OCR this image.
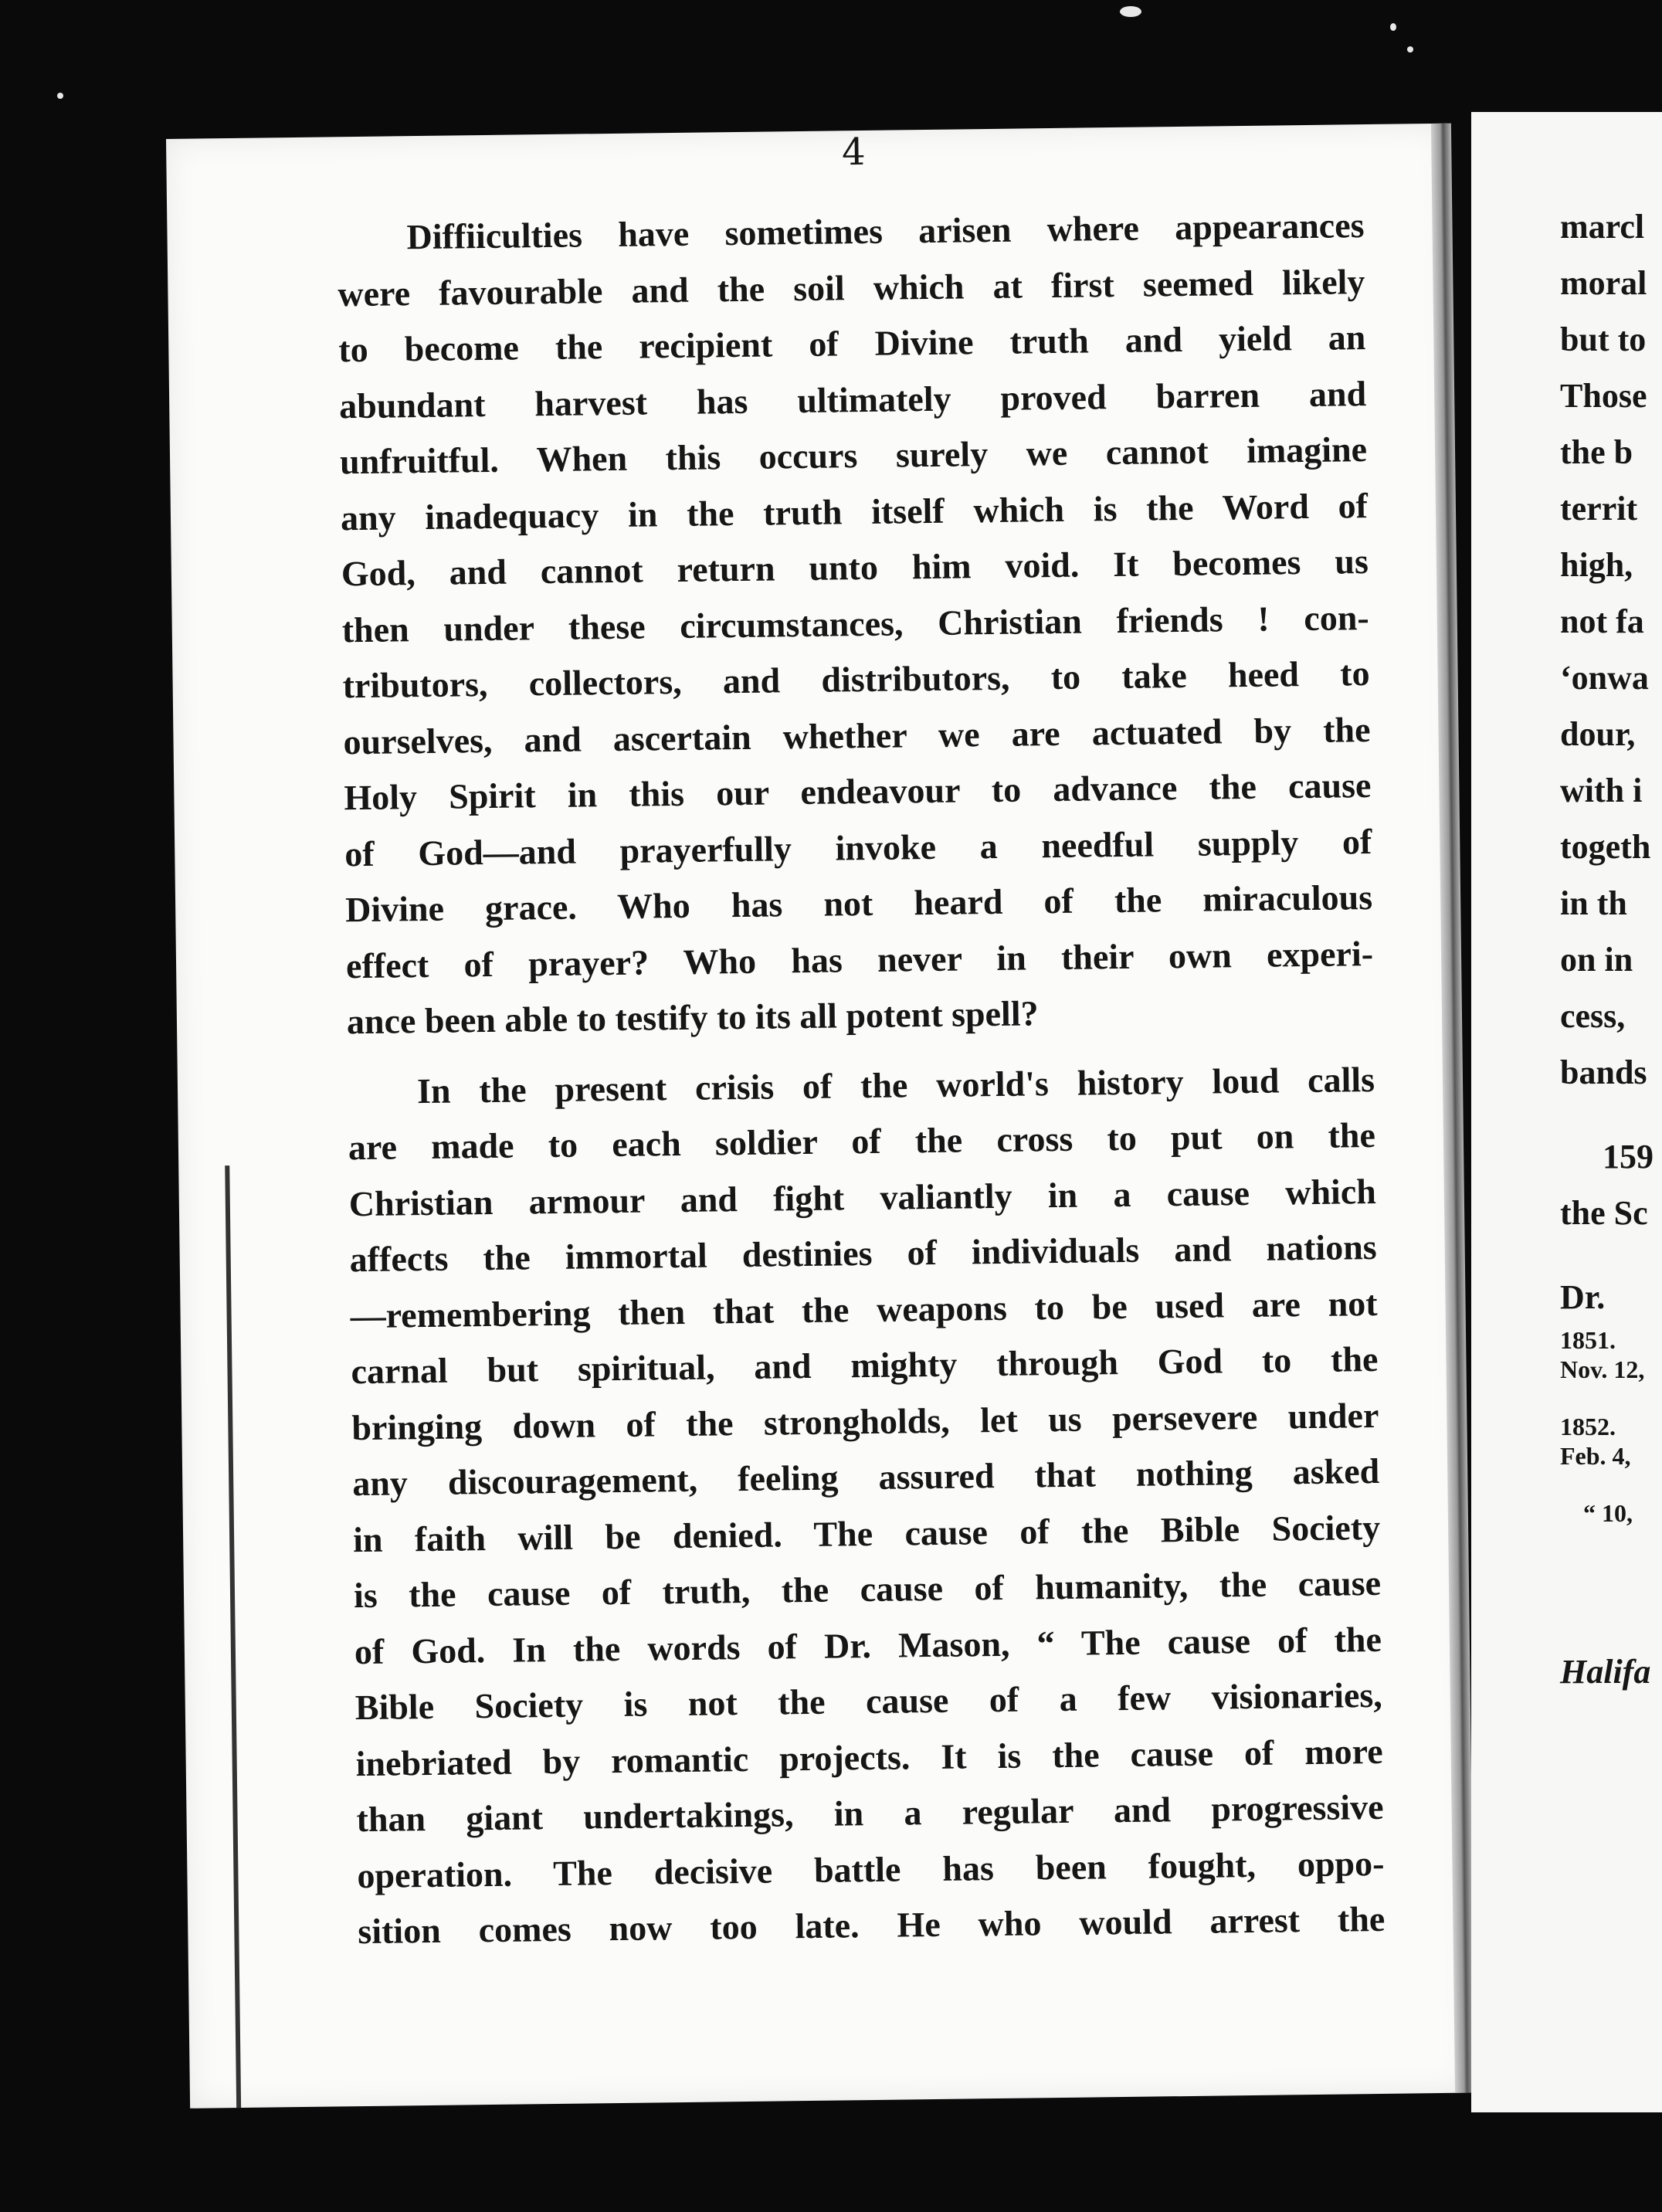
4
Diffiiculties have sometimes arisen where appearances
were favourable and the soil which at first seemed likely
to become the recipient of Divine truth and yield an
abundant harvest has ultimately proved barren and
unfruitful. When this occurs surely we cannot imagine
any inadequacy in the truth itself which is the Word of
God, and cannot return unto him void. It becomes us
then under these circumstances, Christian friends ! con-
tributors, collectors, and distributors, to take heed to
ourselves, and ascertain whether we are actuated by the
Holy Spirit in this our endeavour to advance the cause
of God—and prayerfully invoke a needful supply of
Divine grace. Who has not heard of the miraculous
effect of prayer? Who has never in their own experi-
ance been able to testify to its all potent spell?
In the present crisis of the world's history loud calls
are made to each soldier of the cross to put on the
Christian armour and fight valiantly in a cause which
affects the immortal destinies of individuals and nations
—remembering then that the weapons to be used are not
carnal but spiritual, and mighty through God to the
bringing down of the strongholds, let us persevere under
any discouragement, feeling assured that nothing asked
in faith will be denied. The cause of the Bible Society
is the cause of truth, the cause of humanity, the cause
of God. In the words of Dr. Mason, “ The cause of the
Bible Society is not the cause of a few visionaries,
inebriated by romantic projects. It is the cause of more
than giant undertakings, in a regular and progressive
operation. The decisive battle has been fought, oppo-
sition comes now too late. He who would arrest the
marcl
moral
but to
Those
the b
territ
high,
not fa
‘onwa
dour,
with i
togeth
in th
on in
cess,
bands
159
the Sc
Dr.
1851.
Nov. 12,
1852.
Feb. 4,
“ 10,
Halifa
